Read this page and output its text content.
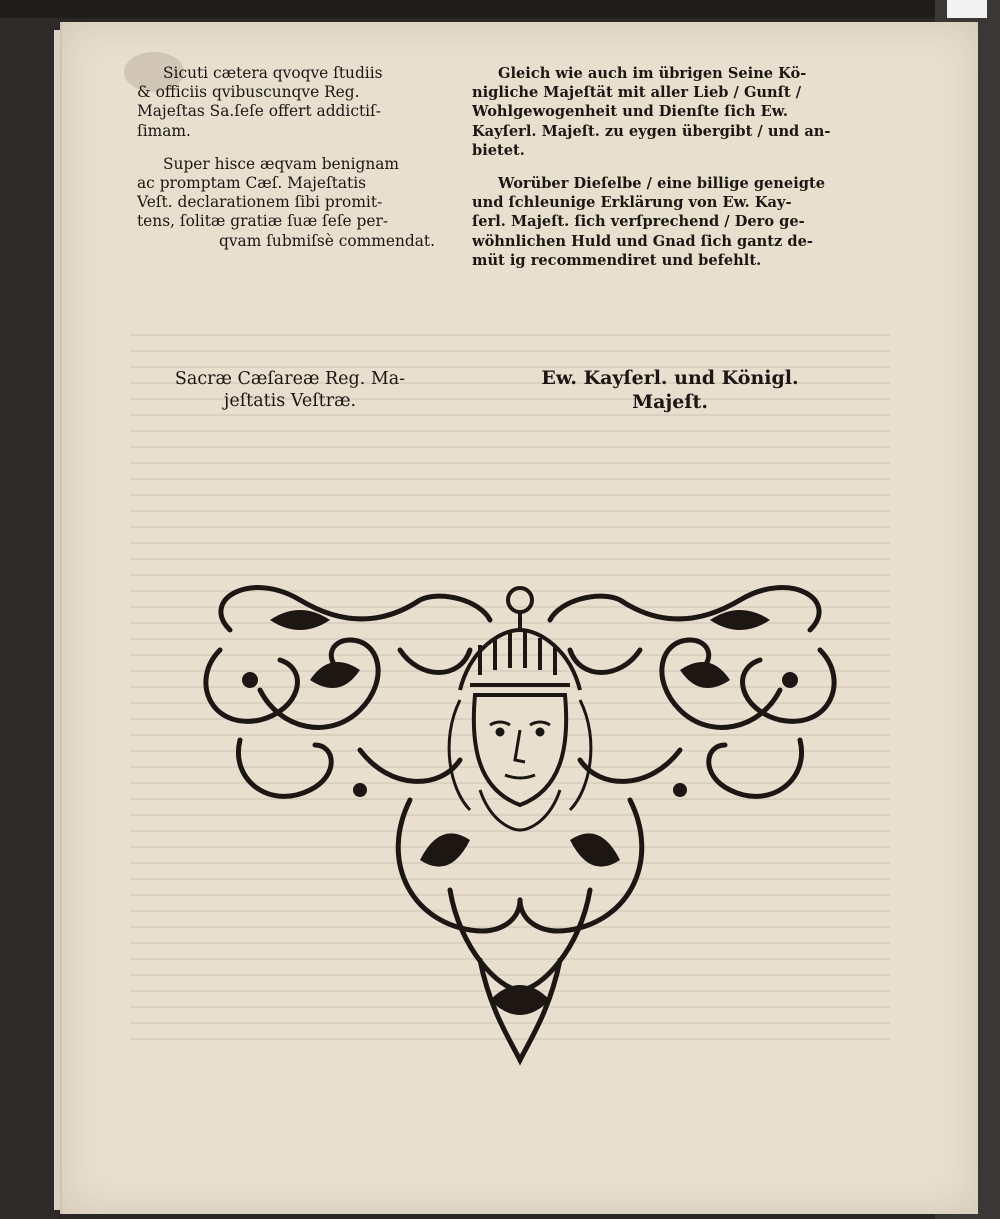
Sicuti cætera qvoqve ſtudiis
& officiis qvibuscunqve Reg.
Majeſtas Sa.ſeſe offert addictiſ-
ſimam.

Super hisce æqvam benignam
ac promptam Cæſ. Majeſtatis
Veſt. declarationem ſibi promit-
tens, ſolitæ gratiæ ſuæ ſeſe per-
qvam ſubmiſsè commendat.

Sacræ Cæſareæ Reg. Ma-
jeſtatis Veſtræ.

Gleich wie auch im übrigen Seine Kö-
nigliche Majeſtät mit aller Lieb / Gunſt /
Wohlgewogenheit und Dienſte ſich Ew.
Kayſerl. Majeſt. zu eygen übergibt / und an-
bietet.

Worüber Dieſelbe / eine billige geneigte
und ſchleunige Erklärung von Ew. Kay-
ſerl. Majeſt. ſich verſprechend / Dero ge-
wöhnlichen Huld und Gnad ſich gantz de-
müt ig recommendiret und befehlt.

Ew. Kayſerl. und Königl.
Majeſt.
